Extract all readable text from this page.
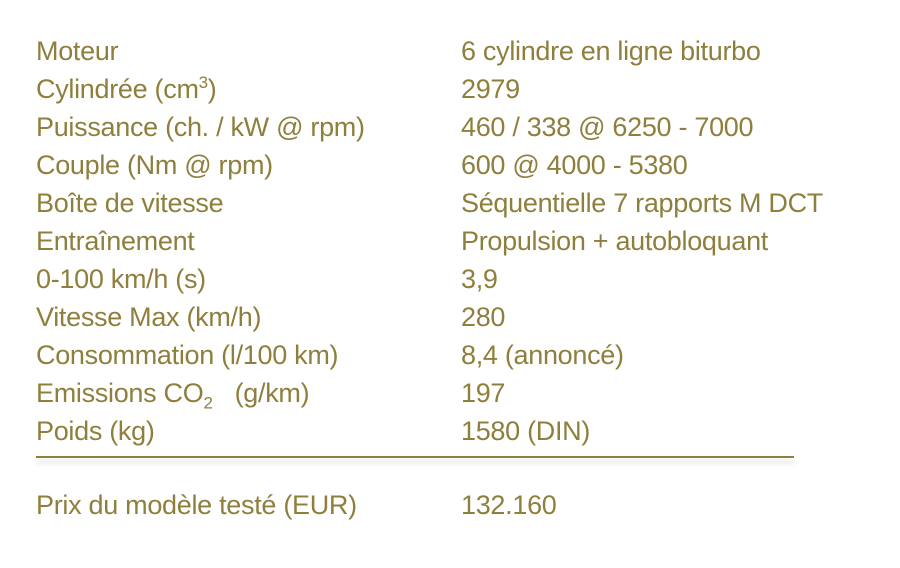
Moteur	6 cylindre en ligne biturbo
Cylindrée $(cm^3)$	2979
Puissance (ch. / kW @ rpm)	460 / 338 @ 6250 - 7000
Couple (Nm @ rpm)	600 @ 4000 - 5380
Boîte de vitesse	Séquentielle 7 rapports M DCT
Entraînement	Propulsion + autobloquant
0-100 km/h (s)	3,9
Vitesse Max (km/h)	280
Consommation (l/100 km)	8,4 (annoncé)
Emissions $CO_2$ (g/km)	197
Poids (kg)	1580 (DIN)
Prix du modèle testé (EUR)	132.160
